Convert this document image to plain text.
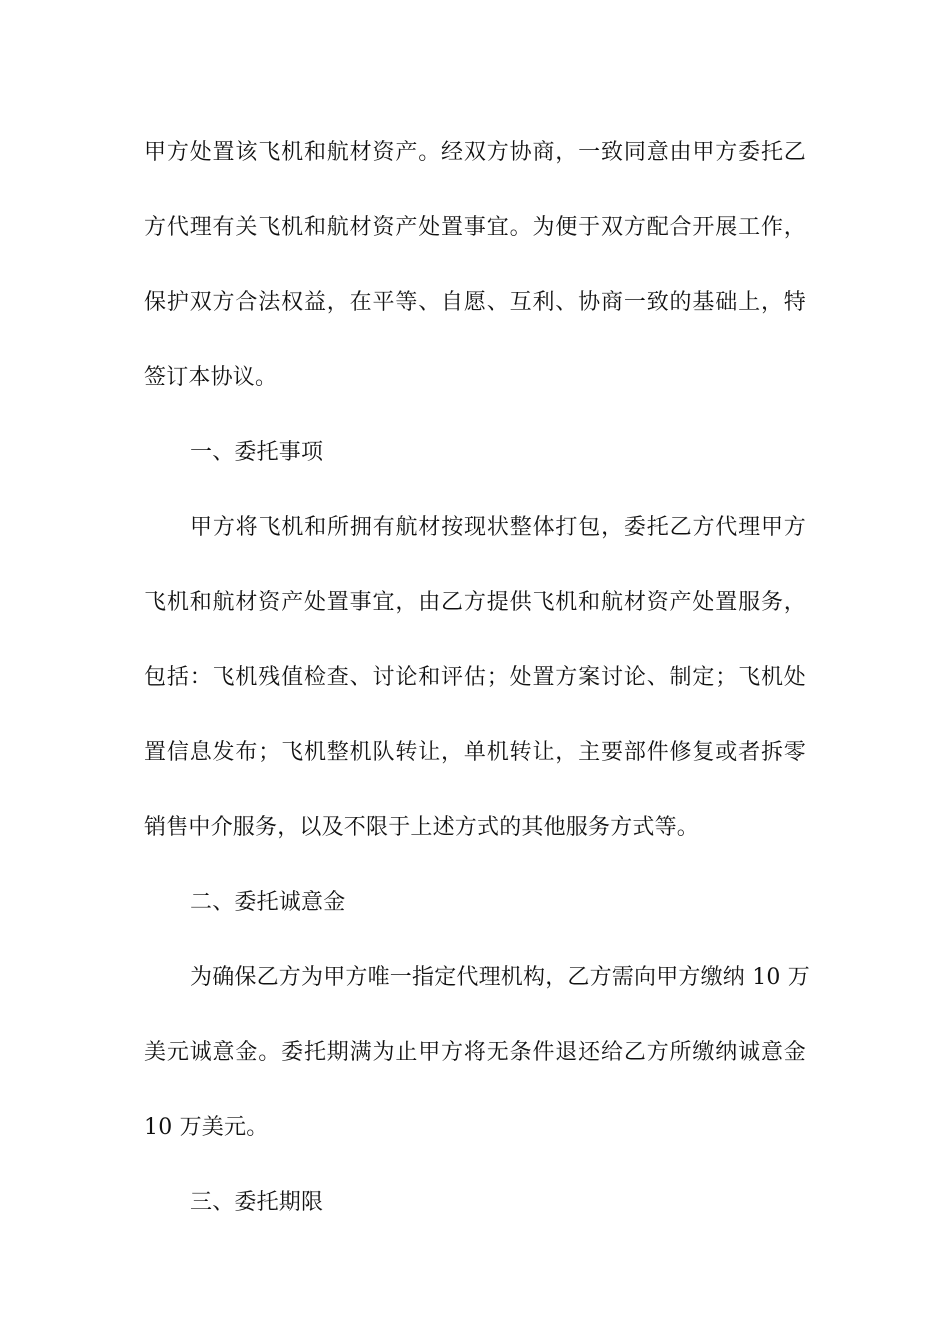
甲方处置该飞机和航材资产。经双方协商，一致同意由甲方委托乙
方代理有关飞机和航材资产处置事宜。为便于双方配合开展工作，
保护双方合法权益，在平等、自愿、互利、协商一致的基础上，特
签订本协议。
一、委托事项
甲方将飞机和所拥有航材按现状整体打包，委托乙方代理甲方
飞机和航材资产处置事宜，由乙方提供飞机和航材资产处置服务，
包括：飞机残值检查、讨论和评估；处置方案讨论、制定；飞机处
置信息发布；飞机整机队转让，单机转让，主要部件修复或者拆零
销售中介服务，以及不限于上述方式的其他服务方式等。
二、委托诚意金
为确保乙方为甲方唯一指定代理机构，乙方需向甲方缴纳 10 万
美元诚意金。委托期满为止甲方将无条件退还给乙方所缴纳诚意金
10 万美元。
三、委托期限
